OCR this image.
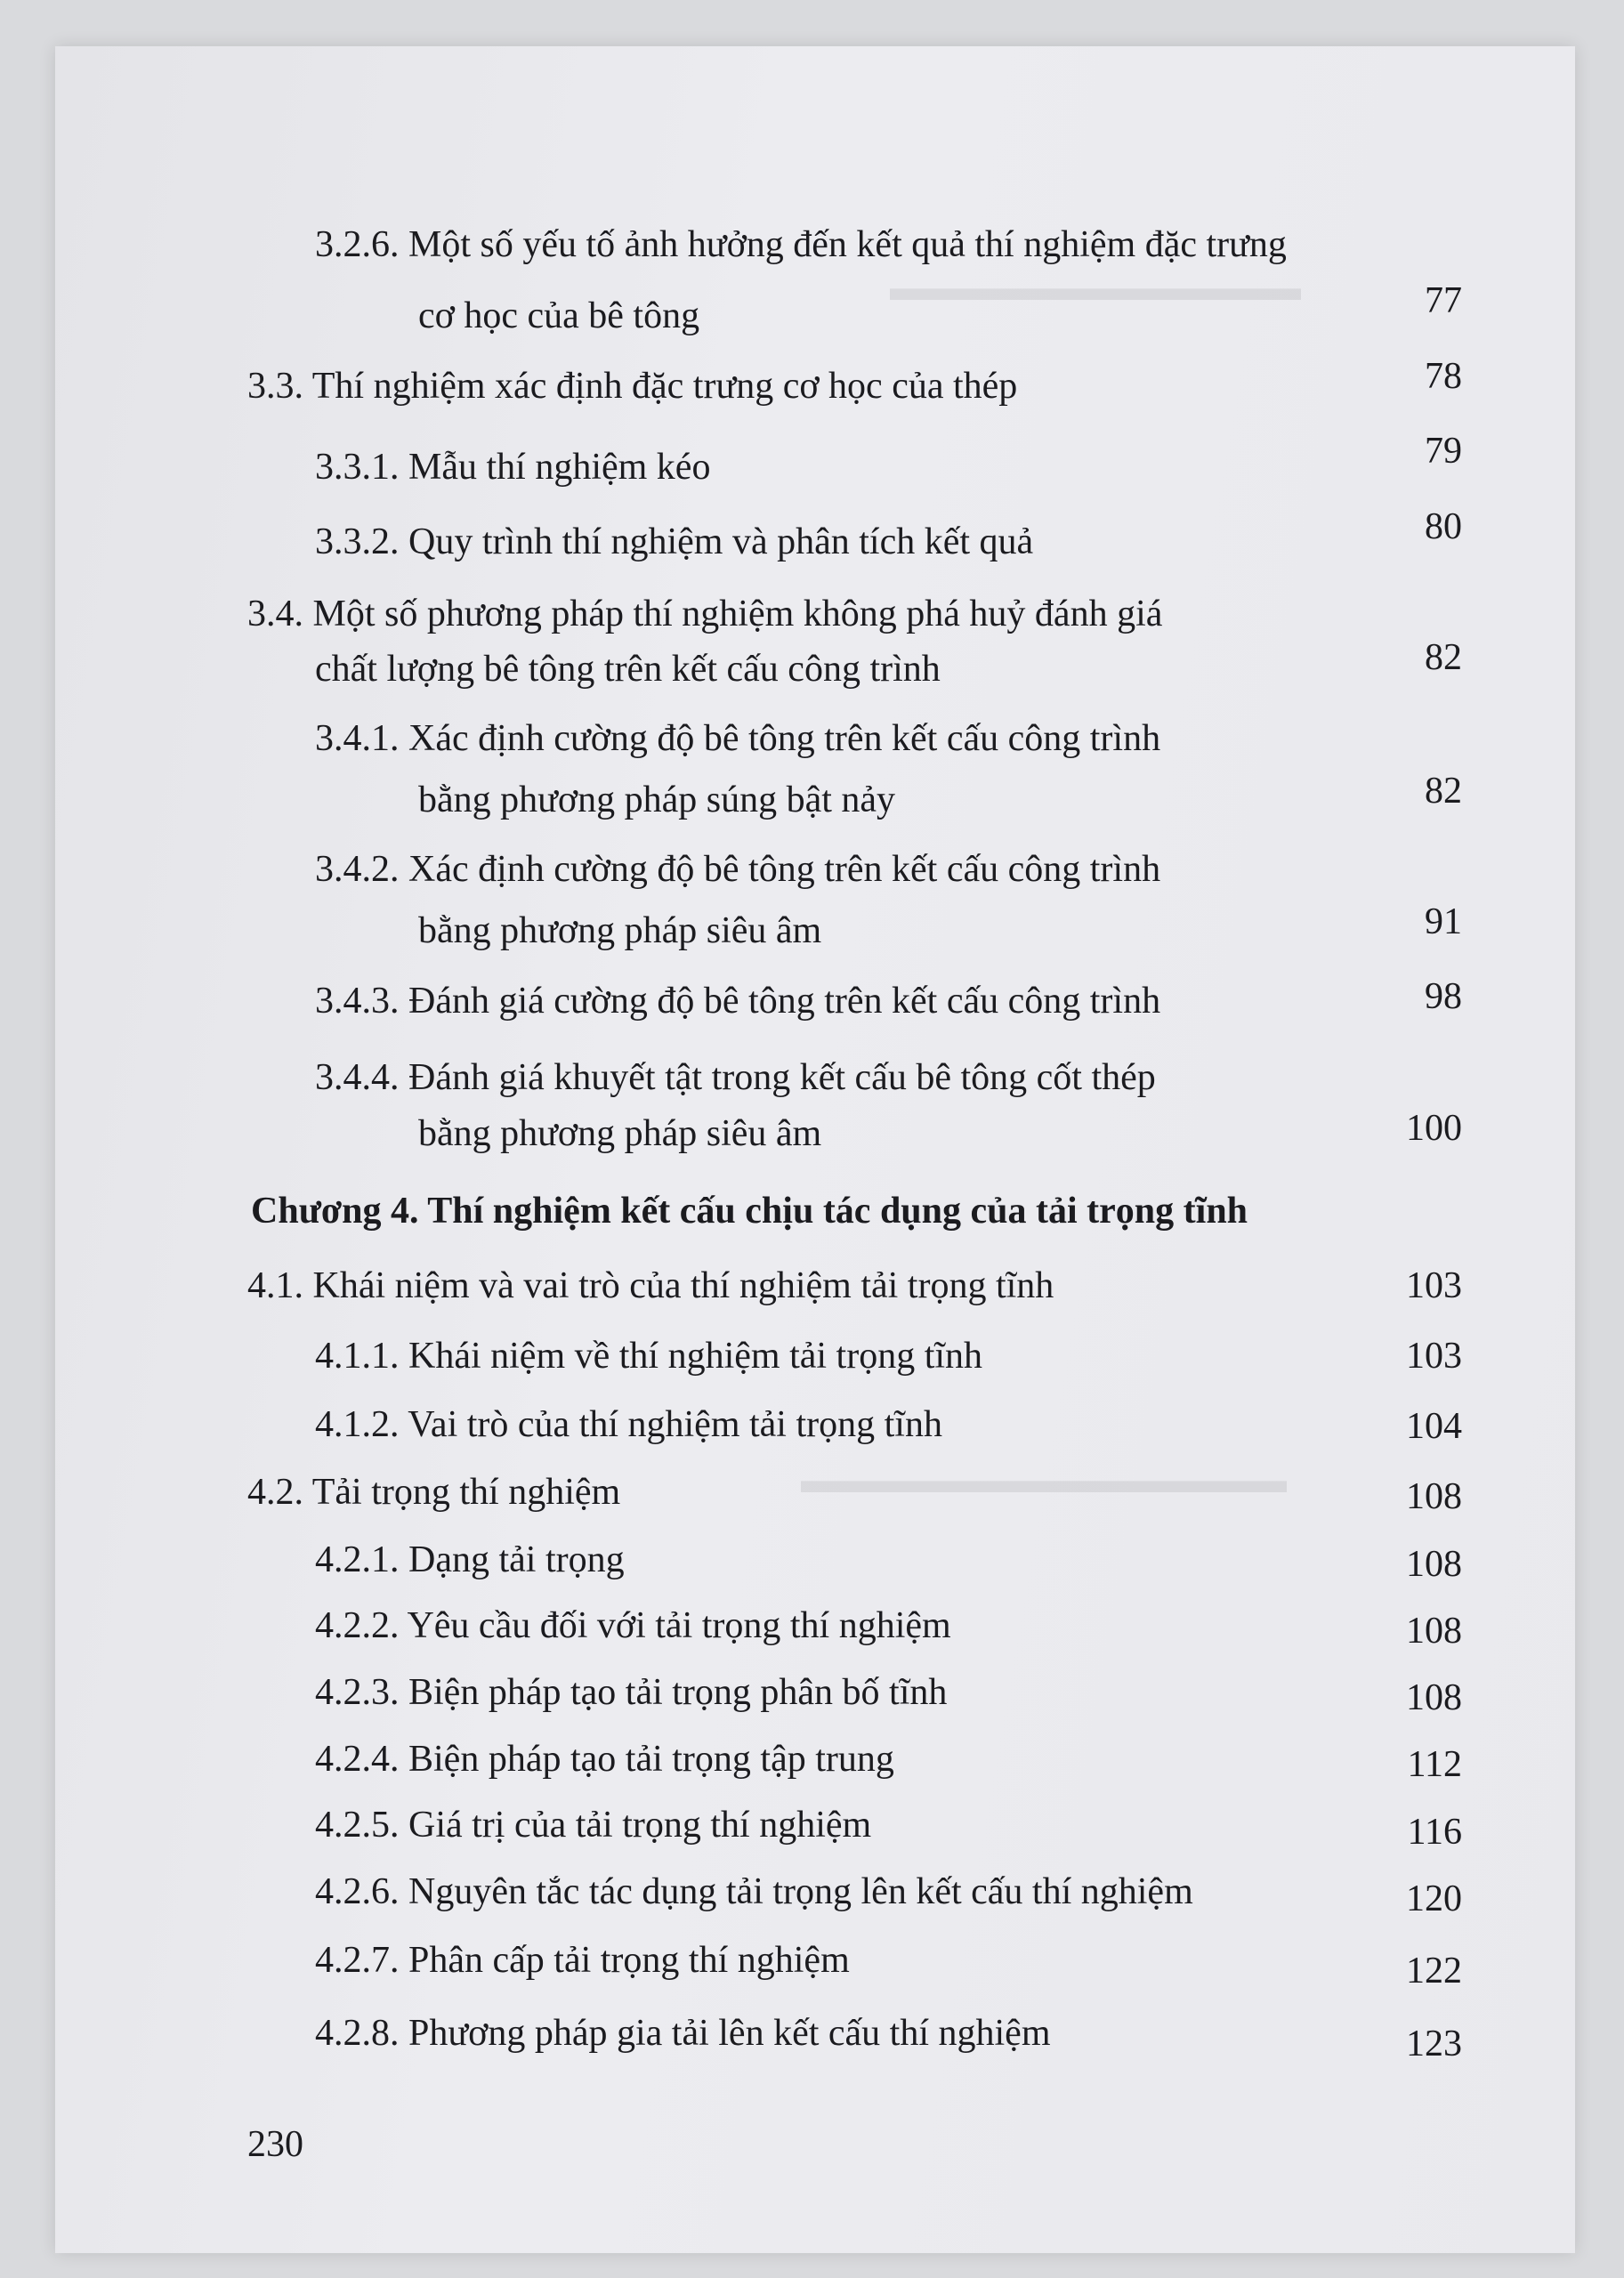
▬▬▬▬▬▬▬▬▬▬▬
▬▬▬▬▬▬▬▬▬▬▬▬▬
3.2.6. Một số yếu tố ảnh hưởng đến kết quả thí nghiệm đặc trưng
cơ học của bê tông	77
3.3. Thí nghiệm xác định đặc trưng cơ học của thép	78
3.3.1. Mẫu thí nghiệm kéo	79
3.3.2. Quy trình thí nghiệm và phân tích kết quả	80
3.4. Một số phương pháp thí nghiệm không phá huỷ đánh giá
chất lượng bê tông trên kết cấu công trình	82
3.4.1. Xác định cường độ bê tông trên kết cấu công trình
bằng phương pháp súng bật nảy	82
3.4.2. Xác định cường độ bê tông trên kết cấu công trình
bằng phương pháp siêu âm	91
3.4.3. Đánh giá cường độ bê tông trên kết cấu công trình	98
3.4.4. Đánh giá khuyết tật trong kết cấu bê tông cốt thép
bằng phương pháp siêu âm	100
Chương 4. Thí nghiệm kết cấu chịu tác dụng của tải trọng tĩnh
4.1. Khái niệm và vai trò của thí nghiệm tải trọng tĩnh	103
4.1.1. Khái niệm về thí nghiệm tải trọng tĩnh	103
4.1.2. Vai trò của thí nghiệm tải trọng tĩnh	104
4.2. Tải trọng thí nghiệm	108
4.2.1. Dạng tải trọng	108
4.2.2. Yêu cầu đối với tải trọng thí nghiệm	108
4.2.3. Biện pháp tạo tải trọng phân bố tĩnh	108
4.2.4. Biện pháp tạo tải trọng tập trung	112
4.2.5. Giá trị của tải trọng thí nghiệm	116
4.2.6. Nguyên tắc tác dụng tải trọng lên kết cấu thí nghiệm	120
4.2.7. Phân cấp tải trọng thí nghiệm	122
4.2.8. Phương pháp gia tải lên kết cấu thí nghiệm	123
230
